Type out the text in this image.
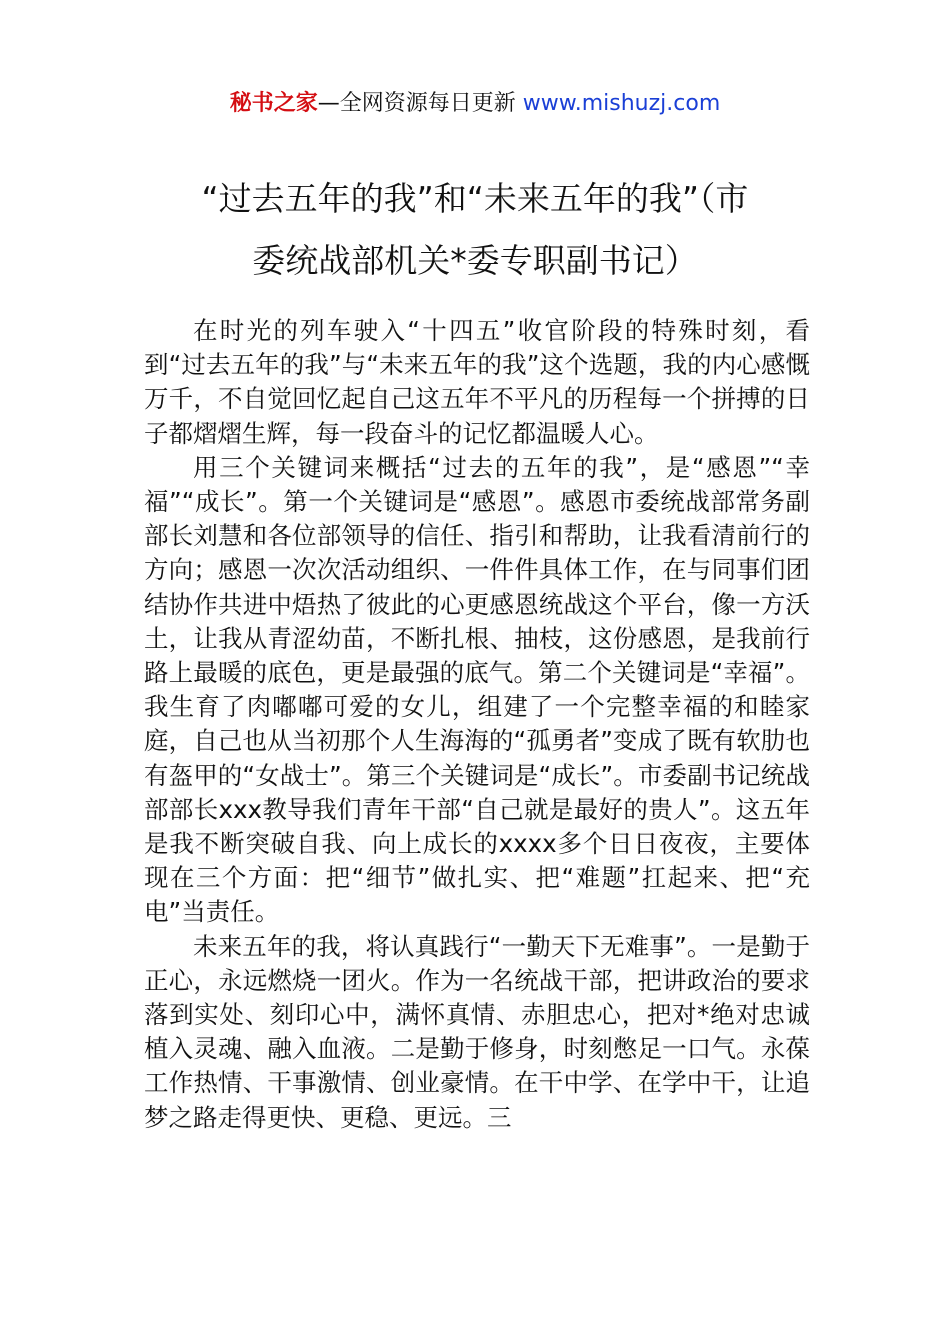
秘书之家—全网资源每日更新 www.mishuzj.com
“过去五年的我”和“未来五年的我”（市
委统战部机关*委专职副书记）

在时光的列车驶入“十四五”收官阶段的特殊时刻，看到“过去五年的我”与“未来五年的我”这个选题，我的内心感慨万千，不自觉回忆起自己这五年不平凡的历程每一个拼搏的日子都熠熠生辉，每一段奋斗的记忆都温暖人心。

用三个关键词来概括“过去的五年的我”，是“感恩”“幸福”“成长”。第一个关键词是“感恩”。感恩市委统战部常务副部长刘慧和各位部领导的信任、指引和帮助，让我看清前行的方向；感恩一次次活动组织、一件件具体工作，在与同事们团结协作共进中焐热了彼此的心更感恩统战这个平台，像一方沃土，让我从青涩幼苗，不断扎根、抽枝，这份感恩，是我前行路上最暖的底色，更是最强的底气。第二个关键词是“幸福”。我生育了肉嘟嘟可爱的女儿，组建了一个完整幸福的和睦家庭，自己也从当初那个人生海海的“孤勇者”变成了既有软肋也有盔甲的“女战士”。第三个关键词是“成长”。市委副书记统战部部长xxx教导我们青年干部“自己就是最好的贵人”。这五年是我不断突破自我、向上成长的xxxx多个日日夜夜，主要体现在三个方面：把“细节”做扎实、把“难题”扛起来、把“充电”当责任。

未来五年的我，将认真践行“一勤天下无难事”。一是勤于正心，永远燃烧一团火。作为一名统战干部，把讲政治的要求落到实处、刻印心中，满怀真情、赤胆忠心，把对*绝对忠诚植入灵魂、融入血液。二是勤于修身，时刻憋足一口气。永葆工作热情、干事激情、创业豪情。在干中学、在学中干，让追梦之路走得更快、更稳、更远。三
